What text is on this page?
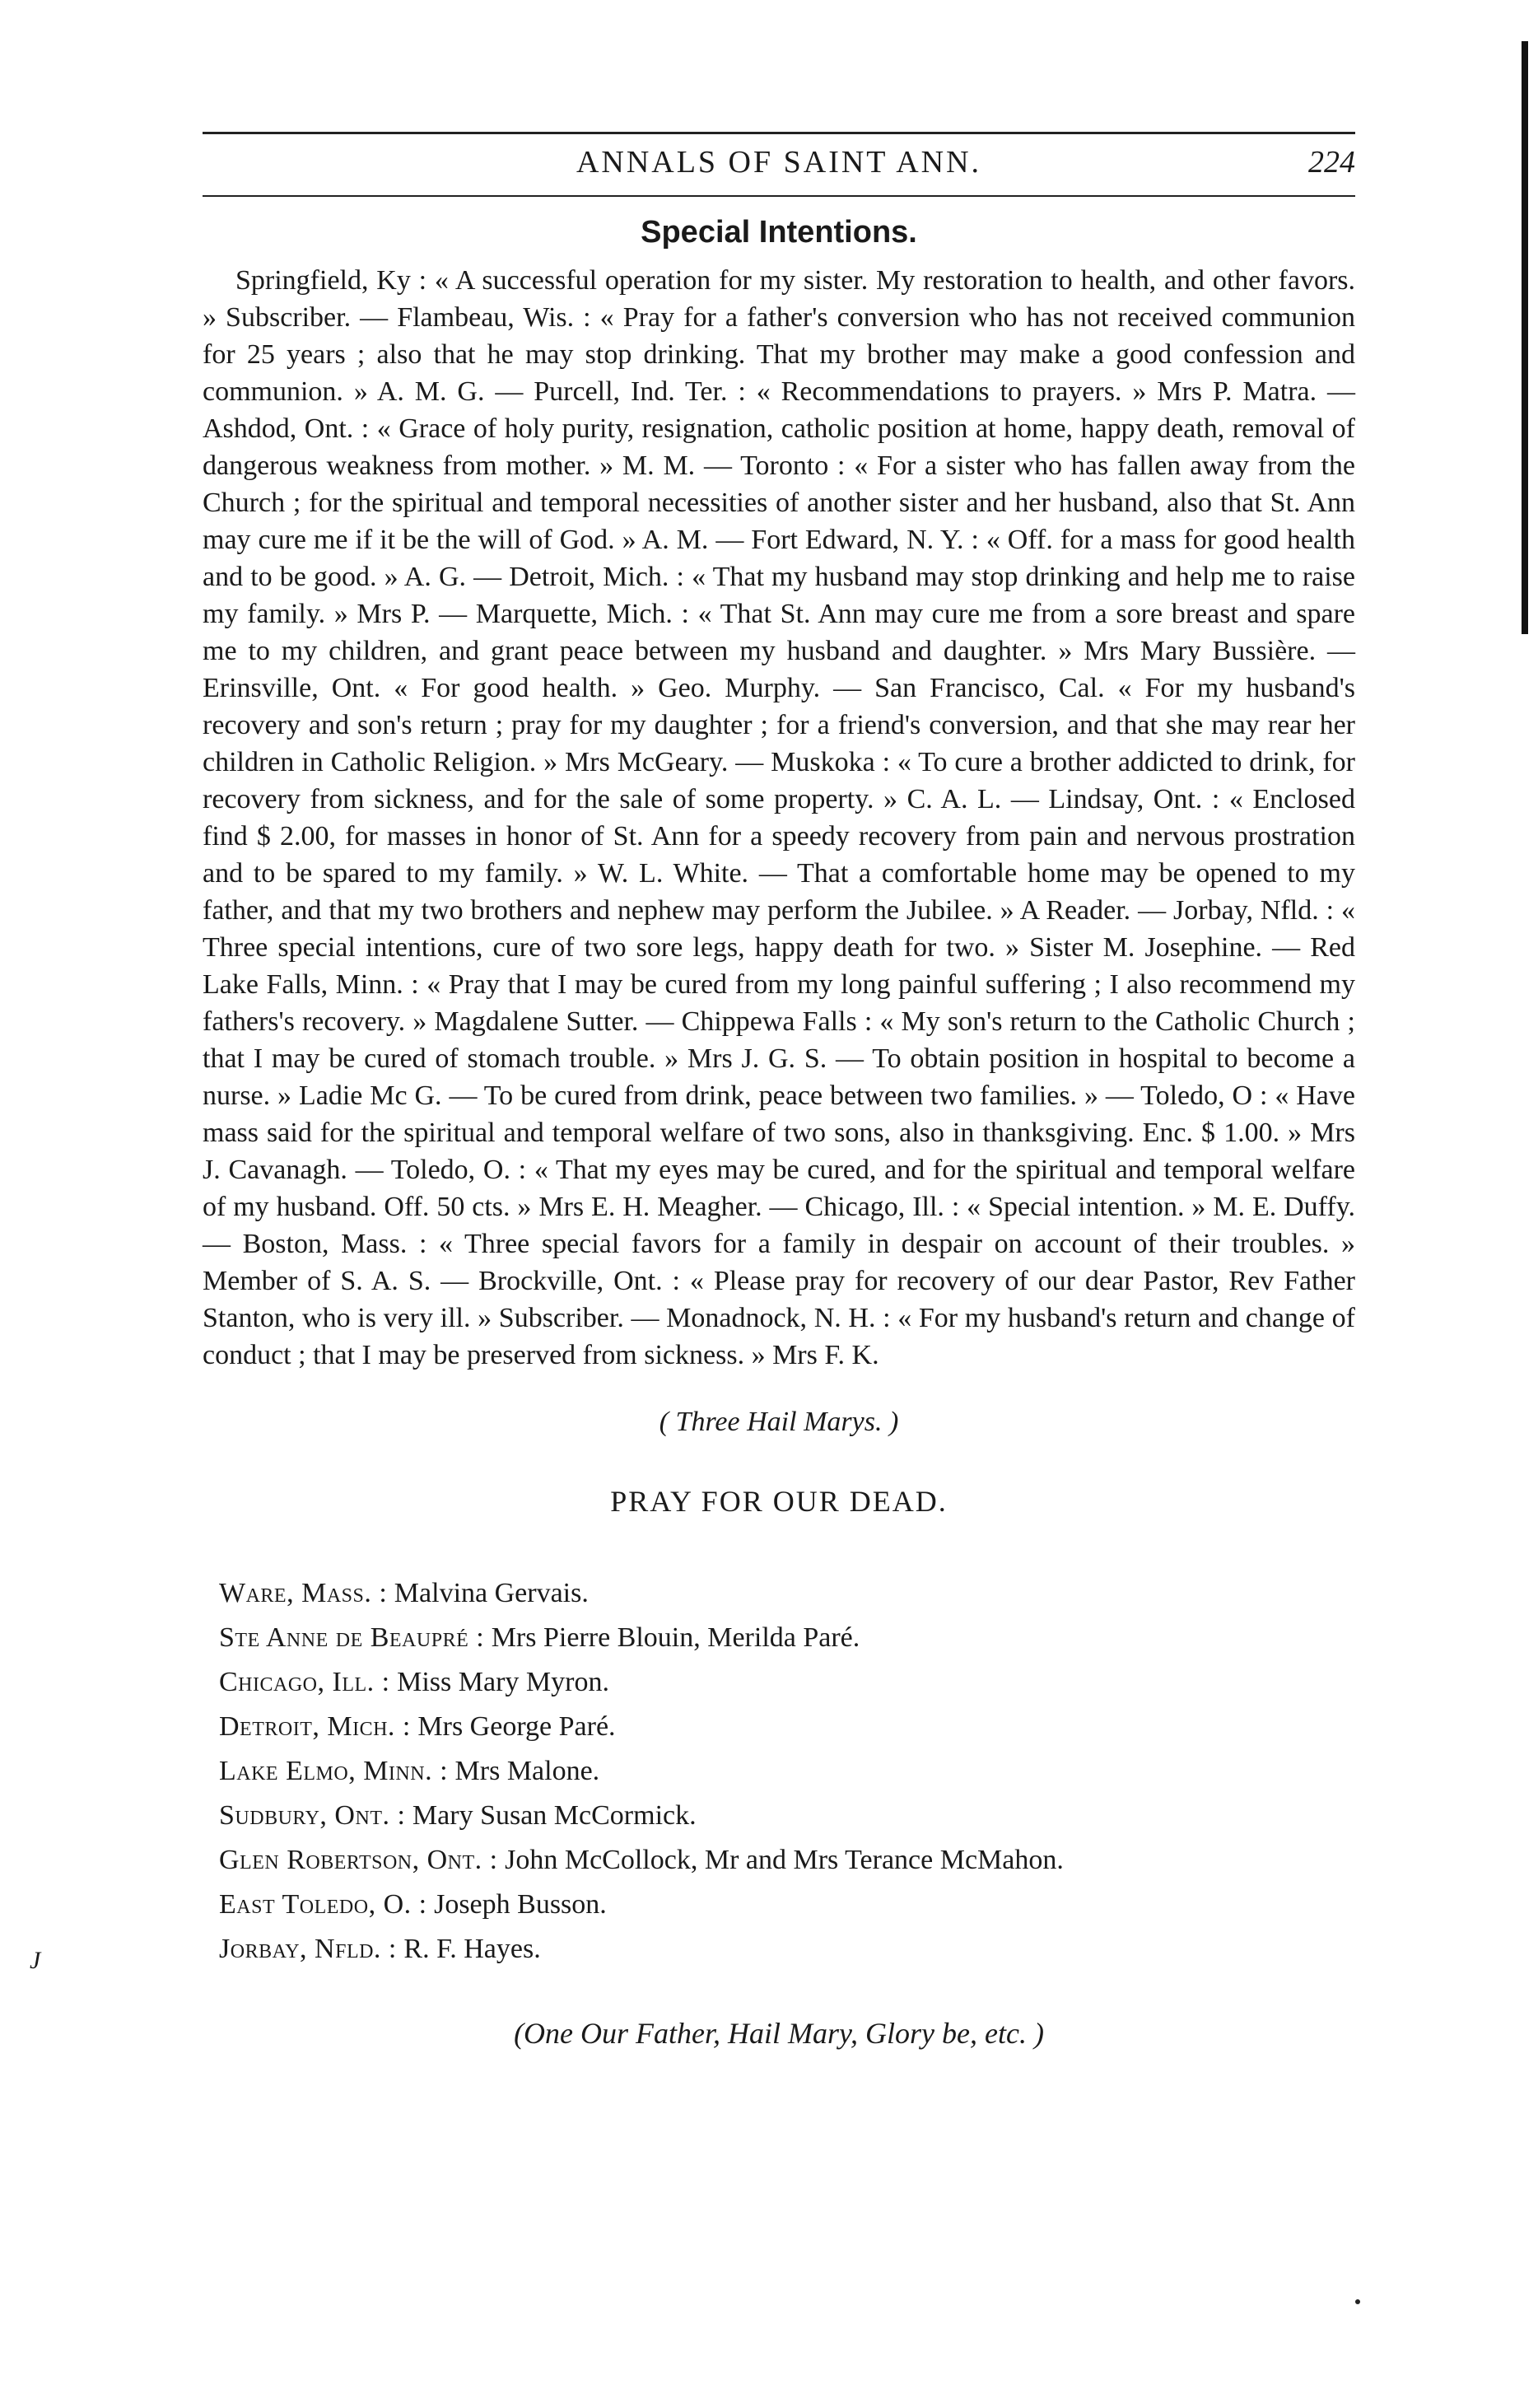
ANNALS OF SAINT ANN.	224
Special Intentions.

Springfield, Ky : « A successful operation for my sister. My restoration to health, and other favors. » Subscriber. — Flambeau, Wis. : « Pray for a father's conversion who has not received communion for 25 years ; also that he may stop drinking. That my brother may make a good confession and communion. » A. M. G. — Purcell, Ind. Ter. : « Recommendations to prayers. » Mrs P. Matra. — Ashdod, Ont. : « Grace of holy purity, resignation, catholic position at home, happy death, removal of dangerous weakness from mother. » M. M. — Toronto : « For a sister who has fallen away from the Church ; for the spiritual and temporal necessities of another sister and her husband, also that St. Ann may cure me if it be the will of God. » A. M. — Fort Edward, N. Y. : « Off. for a mass for good health and to be good. » A. G. — Detroit, Mich. : « That my husband may stop drinking and help me to raise my family. » Mrs P. — Marquette, Mich. : « That St. Ann may cure me from a sore breast and spare me to my children, and grant peace between my husband and daughter. » Mrs Mary Bussière. — Erinsville, Ont. « For good health. » Geo. Murphy. — San Francisco, Cal. « For my husband's recovery and son's return ; pray for my daughter ; for a friend's conversion, and that she may rear her children in Catholic Religion. » Mrs McGeary. — Muskoka : « To cure a brother addicted to drink, for recovery from sickness, and for the sale of some property. » C. A. L. — Lindsay, Ont. : « Enclosed find $ 2.00, for masses in honor of St. Ann for a speedy recovery from pain and nervous prostration and to be spared to my family. » W. L. White. — That a comfortable home may be opened to my father, and that my two brothers and nephew may perform the Jubilee. » A Reader. — Jorbay, Nfld. : « Three special intentions, cure of two sore legs, happy death for two. » Sister M. Josephine. — Red Lake Falls, Minn. : « Pray that I may be cured from my long painful suffering ; I also recommend my fathers's recovery. » Magdalene Sutter. — Chippewa Falls : « My son's return to the Catholic Church ; that I may be cured of stomach trouble. » Mrs J. G. S. — To obtain position in hospital to become a nurse. » Ladie Mc G. — To be cured from drink, peace between two families. » — Toledo, O : « Have mass said for the spiritual and temporal welfare of two sons, also in thanksgiving. Enc. $ 1.00. » Mrs J. Cavanagh. — Toledo, O. : « That my eyes may be cured, and for the spiritual and temporal welfare of my husband. Off. 50 cts. » Mrs E. H. Meagher. — Chicago, Ill. : « Special intention. » M. E. Duffy. — Boston, Mass. : « Three special favors for a family in despair on account of their troubles. » Member of S. A. S. — Brockville, Ont. : « Please pray for recovery of our dear Pastor, Rev Father Stanton, who is very ill. » Subscriber. — Monadnock, N. H. : « For my husband's return and change of conduct ; that I may be preserved from sickness. » Mrs F. K.

( Three Hail Marys. )
PRAY FOR OUR DEAD.
Ware, Mass. : Malvina Gervais.
Ste Anne de Beaupré : Mrs Pierre Blouin, Merilda Paré.
Chicago, Ill. : Miss Mary Myron.
Detroit, Mich. : Mrs George Paré.
Lake Elmo, Minn. : Mrs Malone.
Sudbury, Ont. : Mary Susan McCormick.
Glen Robertson, Ont. : John McCollock, Mr and Mrs Terance McMahon.
East Toledo, O. : Joseph Busson.
Jorbay, Nfld. : R. F. Hayes.
(One Our Father, Hail Mary, Glory be, etc. )
J
